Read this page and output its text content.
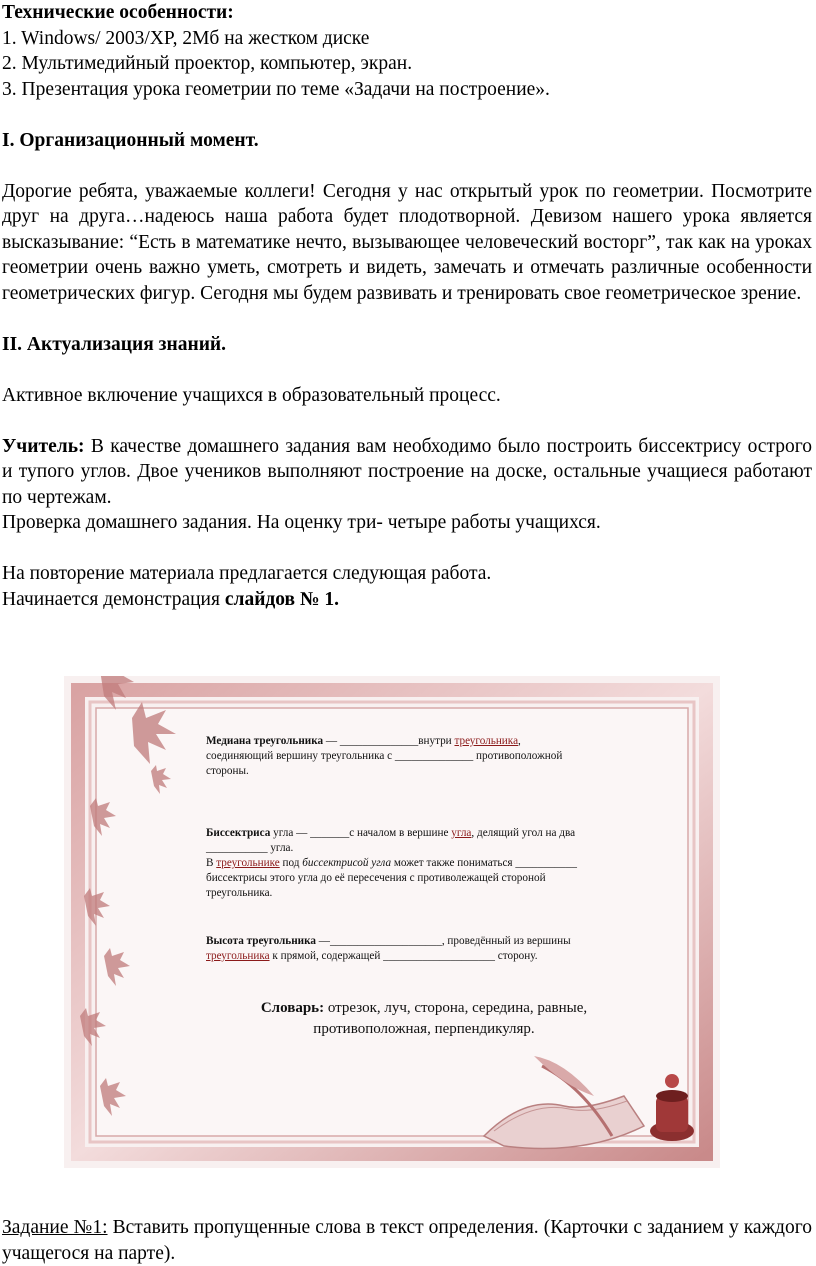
Технические особенности:
1. Windows/ 2003/XP, 2Мб на жестком диске
2. Мультимедийный проектор, компьютер, экран.
3. Презентация урока геометрии по теме «Задачи на построение».
I. Организационный момент.

Дорогие ребята, уважаемые коллеги! Сегодня у нас открытый урок по геометрии. Посмотрите друг на друга…надеюсь наша работа будет плодотворной. Девизом нашего урока является высказывание: “Есть в математике нечто, вызывающее человеческий восторг”, так как на уроках геометрии очень важно уметь, смотреть и видеть, замечать и отмечать различные особенности геометрических фигур. Сегодня мы будем развивать и тренировать свое геометрическое зрение.

II. Актуализация знаний.
Активное включение учащихся в образовательный процесс.

Учитель: В качестве домашнего задания вам необходимо было построить биссектрису острого и тупого углов. Двое учеников выполняют построение на доске, остальные учащиеся работают по чертежам.

Проверка домашнего задания. На оценку три- четыре работы учащихся.
На повторение материала предлагается следующая работа.
Начинается демонстрация слайдов № 1.
Медиана треугольника — ______________внутри треугольника,
соединяющий вершину треугольника с ______________ противоположной
стороны.
Биссектриса угла — _______с началом в вершине угла, делящий угол на два
___________ угла.
В треугольнике под биссектрисой угла может также пониматься ___________
биссектрисы этого угла до её пересечения с противолежащей стороной
треугольника.
Высота треугольника —____________________, проведённый из вершины
треугольника к прямой, содержащей ____________________ сторону.
Словарь: отрезок, луч, сторона, середина, равные,
противоположная, перпендикуляр.

Задание №1: Вставить пропущенные слова в текст определения. (Карточки с заданием у каждого учащегося на парте).
